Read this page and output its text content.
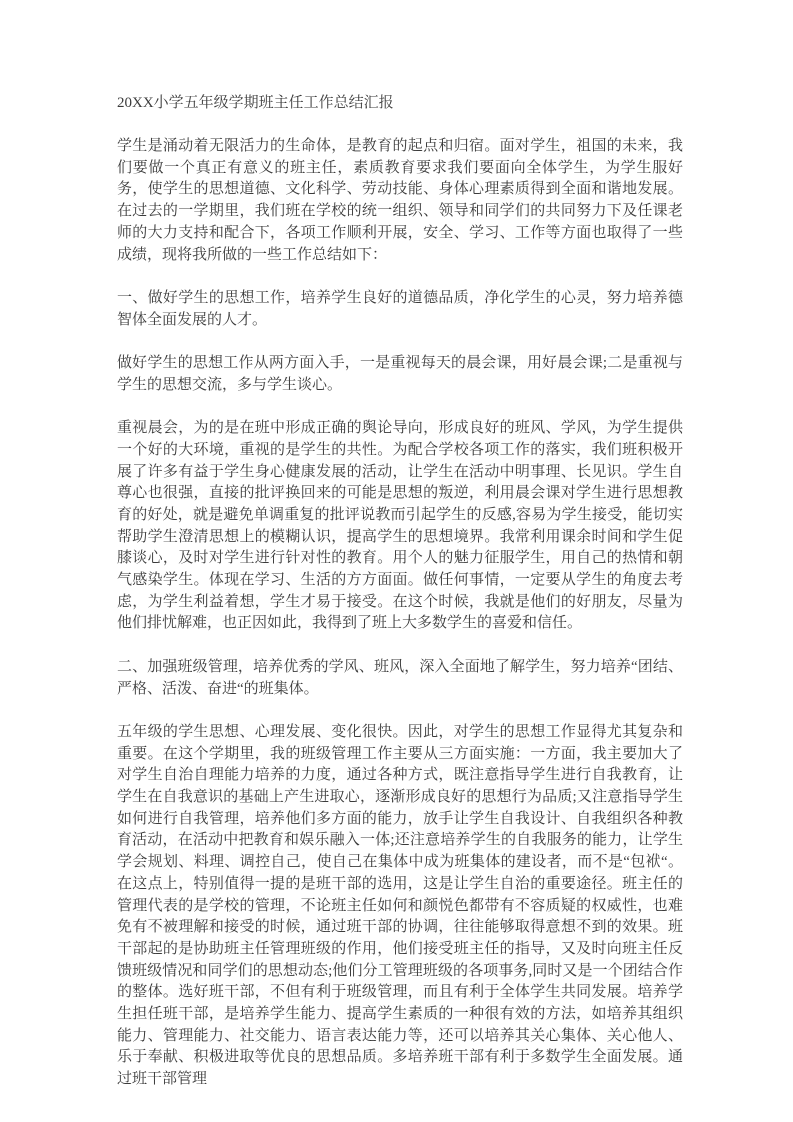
20XX小学五年级学期班主任工作总结汇报

学生是涌动着无限活力的生命体，是教育的起点和归宿。面对学生，祖国的未来，我们要做一个真正有意义的班主任，素质教育要求我们要面向全体学生，为学生服好务，使学生的思想道德、文化科学、劳动技能、身体心理素质得到全面和谐地发展。在过去的一学期里，我们班在学校的统一组织、领导和同学们的共同努力下及任课老师的大力支持和配合下，各项工作顺利开展，安全、学习、工作等方面也取得了一些成绩，现将我所做的一些工作总结如下：

一、做好学生的思想工作，培养学生良好的道德品质，净化学生的心灵，努力培养德智体全面发展的人才。

做好学生的思想工作从两方面入手，一是重视每天的晨会课，用好晨会课;二是重视与学生的思想交流，多与学生谈心。

重视晨会，为的是在班中形成正确的舆论导向，形成良好的班风、学风，为学生提供一个好的大环境，重视的是学生的共性。为配合学校各项工作的落实，我们班积极开展了许多有益于学生身心健康发展的活动，让学生在活动中明事理、长见识。学生自尊心也很强，直接的批评换回来的可能是思想的叛逆，利用晨会课对学生进行思想教育的好处，就是避免单调重复的批评说教而引起学生的反感,容易为学生接受，能切实帮助学生澄清思想上的模糊认识，提高学生的思想境界。我常利用课余时间和学生促膝谈心，及时对学生进行针对性的教育。用个人的魅力征服学生，用自己的热情和朝气感染学生。体现在学习、生活的方方面面。做任何事情，一定要从学生的角度去考虑，为学生利益着想，学生才易于接受。在这个时候，我就是他们的好朋友，尽量为他们排忧解难，也正因如此，我得到了班上大多数学生的喜爱和信任。

二、加强班级管理，培养优秀的学风、班风，深入全面地了解学生，努力培养“团结、严格、活泼、奋进“的班集体。

五年级的学生思想、心理发展、变化很快。因此，对学生的思想工作显得尤其复杂和重要。在这个学期里，我的班级管理工作主要从三方面实施：一方面，我主要加大了对学生自治自理能力培养的力度，通过各种方式，既注意指导学生进行自我教育，让学生在自我意识的基础上产生进取心，逐渐形成良好的思想行为品质;又注意指导学生如何进行自我管理，培养他们多方面的能力，放手让学生自我设计、自我组织各种教育活动，在活动中把教育和娱乐融入一体;还注意培养学生的自我服务的能力，让学生学会规划、料理、调控自己，使自己在集体中成为班集体的建设者，而不是“包袱“。在这点上，特别值得一提的是班干部的选用，这是让学生自治的重要途径。班主任的管理代表的是学校的管理，不论班主任如何和颜悦色都带有不容质疑的权威性，也难免有不被理解和接受的时候，通过班干部的协调，往往能够取得意想不到的效果。班干部起的是协助班主任管理班级的作用，他们接受班主任的指导，又及时向班主任反馈班级情况和同学们的思想动态;他们分工管理班级的各项事务,同时又是一个团结合作的整体。选好班干部，不但有利于班级管理，而且有利于全体学生共同发展。培养学生担任班干部，是培养学生能力、提高学生素质的一种很有效的方法，如培养其组织能力、管理能力、社交能力、语言表达能力等，还可以培养其关心集体、关心他人、乐于奉献、积极进取等优良的思想品质。多培养班干部有利于多数学生全面发展。通过班干部管理
